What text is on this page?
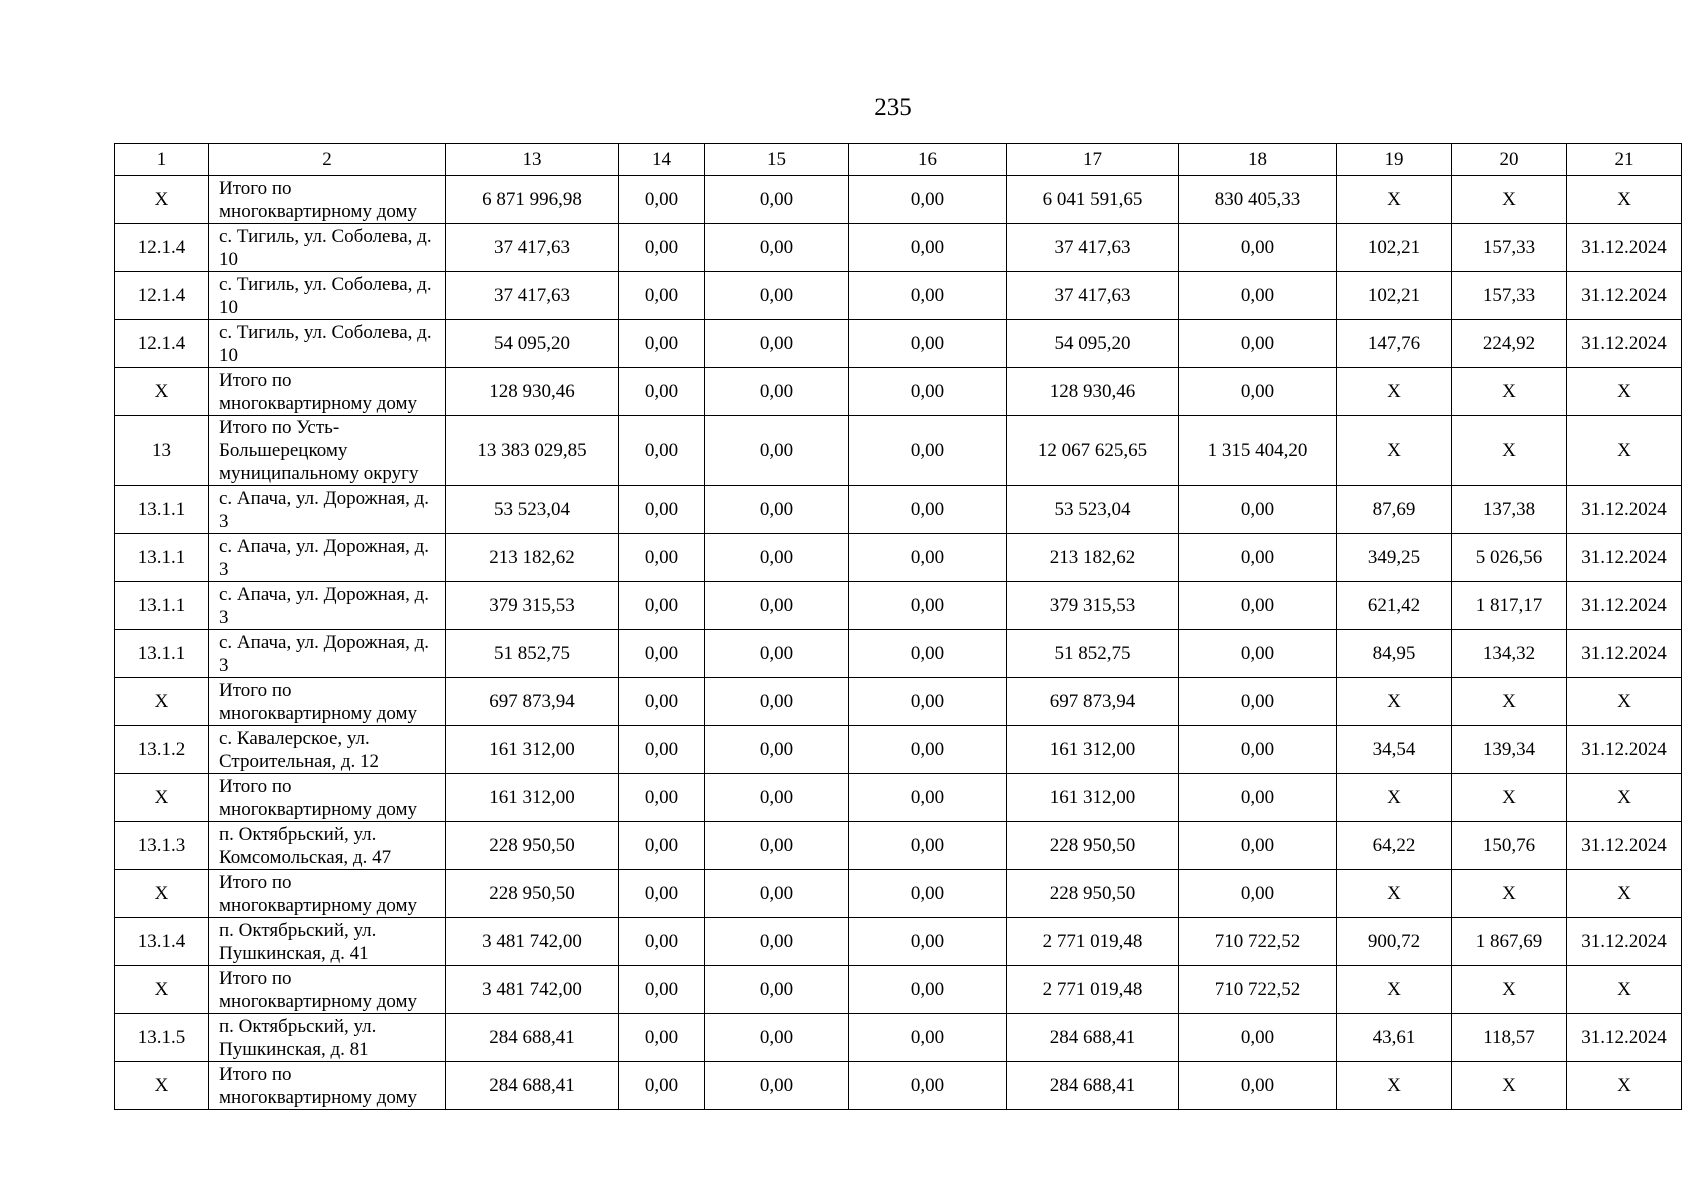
235
1	2	13	14	15	16	17	18	19	20	21
X	Итого по многоквартирному дому	6 871 996,98	0,00	0,00	0,00	6 041 591,65	830 405,33	X	X	X
12.1.4	с. Тигиль, ул. Соболева, д. 10	37 417,63	0,00	0,00	0,00	37 417,63	0,00	102,21	157,33	31.12.2024
12.1.4	с. Тигиль, ул. Соболева, д. 10	37 417,63	0,00	0,00	0,00	37 417,63	0,00	102,21	157,33	31.12.2024
12.1.4	с. Тигиль, ул. Соболева, д. 10	54 095,20	0,00	0,00	0,00	54 095,20	0,00	147,76	224,92	31.12.2024
X	Итого по многоквартирному дому	128 930,46	0,00	0,00	0,00	128 930,46	0,00	X	X	X
13	Итого по Усть-Большерецкому муниципальному округу	13 383 029,85	0,00	0,00	0,00	12 067 625,65	1 315 404,20	X	X	X
13.1.1	с. Апача, ул. Дорожная, д. 3	53 523,04	0,00	0,00	0,00	53 523,04	0,00	87,69	137,38	31.12.2024
13.1.1	с. Апача, ул. Дорожная, д. 3	213 182,62	0,00	0,00	0,00	213 182,62	0,00	349,25	5 026,56	31.12.2024
13.1.1	с. Апача, ул. Дорожная, д. 3	379 315,53	0,00	0,00	0,00	379 315,53	0,00	621,42	1 817,17	31.12.2024
13.1.1	с. Апача, ул. Дорожная, д. 3	51 852,75	0,00	0,00	0,00	51 852,75	0,00	84,95	134,32	31.12.2024
X	Итого по многоквартирному дому	697 873,94	0,00	0,00	0,00	697 873,94	0,00	X	X	X
13.1.2	с. Кавалерское, ул. Строительная, д. 12	161 312,00	0,00	0,00	0,00	161 312,00	0,00	34,54	139,34	31.12.2024
X	Итого по многоквартирному дому	161 312,00	0,00	0,00	0,00	161 312,00	0,00	X	X	X
13.1.3	п. Октябрьский, ул. Комсомольская, д. 47	228 950,50	0,00	0,00	0,00	228 950,50	0,00	64,22	150,76	31.12.2024
X	Итого по многоквартирному дому	228 950,50	0,00	0,00	0,00	228 950,50	0,00	X	X	X
13.1.4	п. Октябрьский, ул. Пушкинская, д. 41	3 481 742,00	0,00	0,00	0,00	2 771 019,48	710 722,52	900,72	1 867,69	31.12.2024
X	Итого по многоквартирному дому	3 481 742,00	0,00	0,00	0,00	2 771 019,48	710 722,52	X	X	X
13.1.5	п. Октябрьский, ул. Пушкинская, д. 81	284 688,41	0,00	0,00	0,00	284 688,41	0,00	43,61	118,57	31.12.2024
X	Итого по многоквартирному дому	284 688,41	0,00	0,00	0,00	284 688,41	0,00	X	X	X
